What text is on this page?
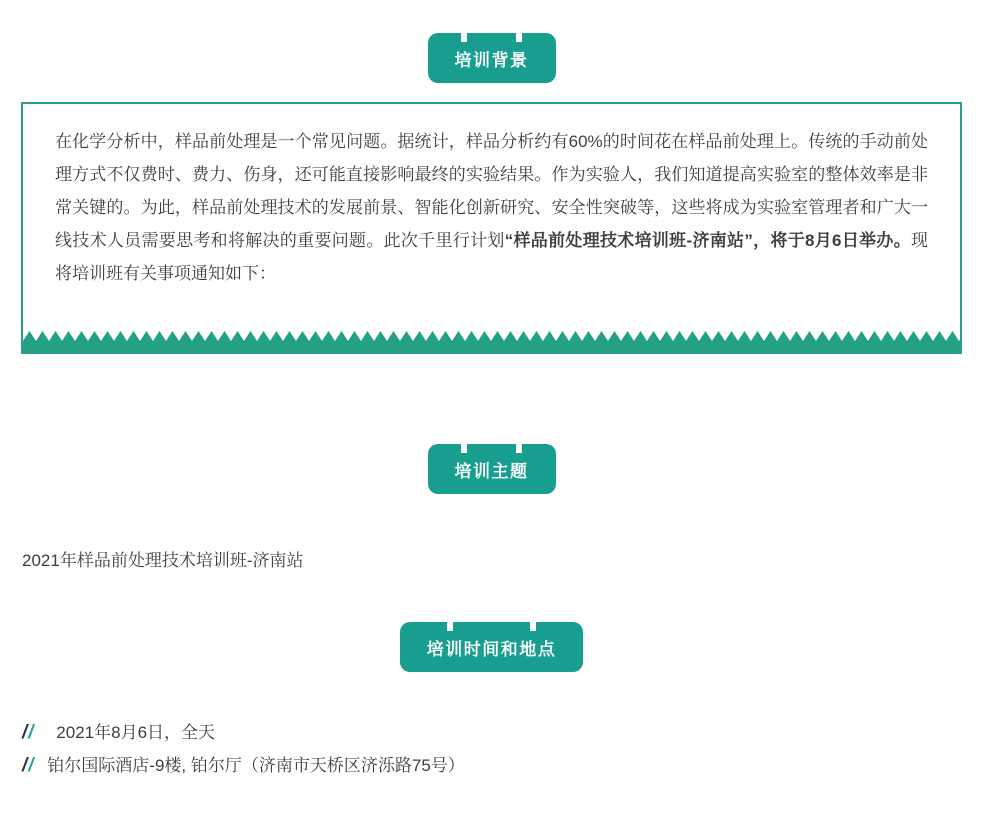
培训背景

在化学分析中，样品前处理是一个常见问题。据统计，样品分析约有60%的时间花在样品前处理上。传统的手动前处理方式不仅费时、费力、伤身，还可能直接影响最终的实验结果。作为实验人，我们知道提高实验室的整体效率是非常关键的。为此，样品前处理技术的发展前景、智能化创新研究、安全性突破等，这些将成为实验室管理者和广大一线技术人员需要思考和将解决的重要问题。此次千里行计划“样品前处理技术培训班-济南站”，将于8月6日举办。现将培训班有关事项通知如下：

培训主题

2021年样品前处理技术培训班-济南站

培训时间和地点
// 2021年8月6日，全天
// 铂尔国际酒店-9楼, 铂尔厅（济南市天桥区济泺路75号）
